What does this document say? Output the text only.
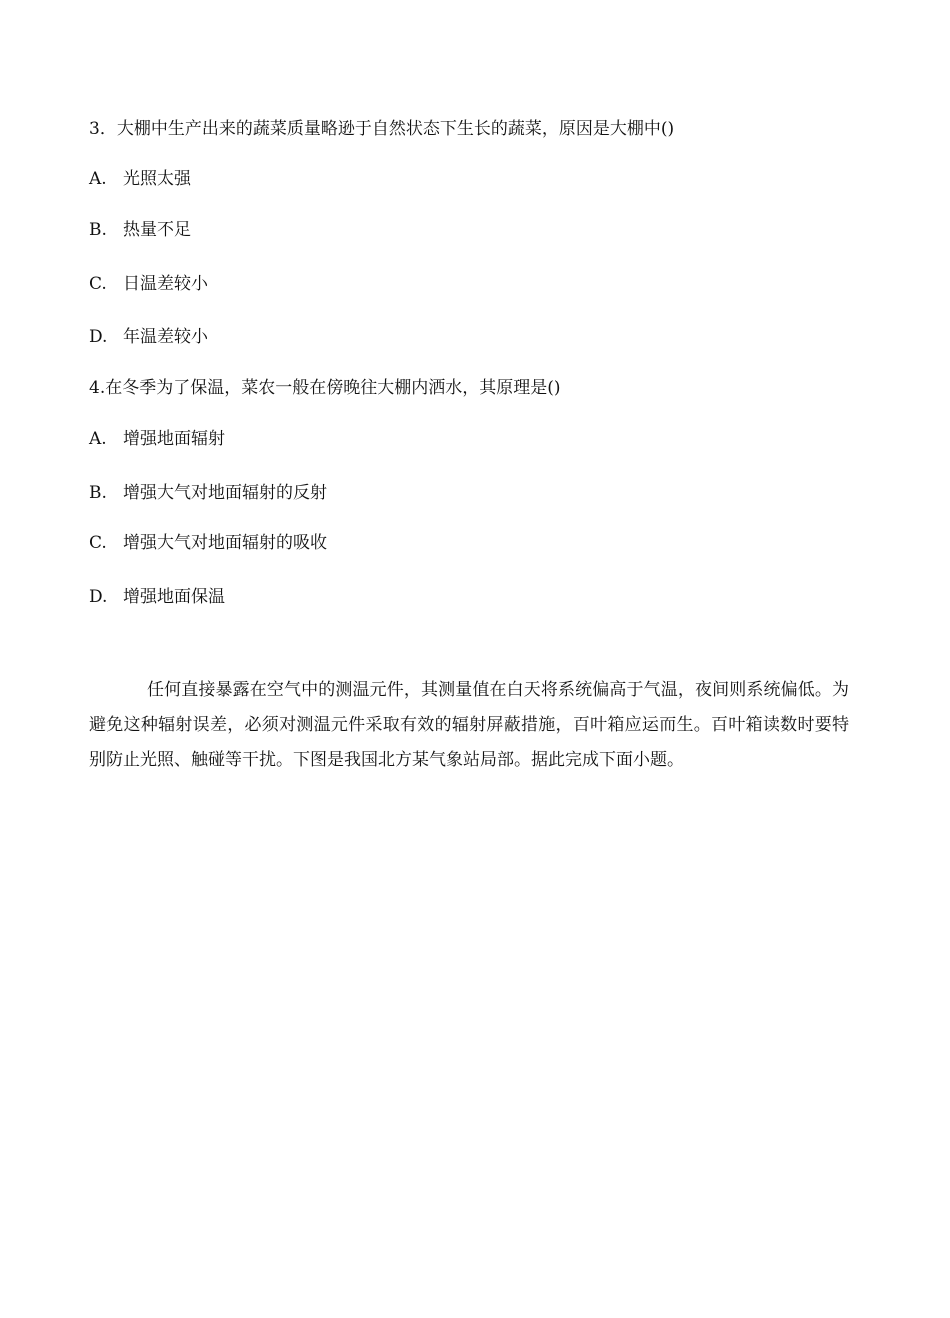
3．大棚中生产出来的蔬菜质量略逊于自然状态下生长的蔬菜，原因是大棚中()
A. 光照太强
B. 热量不足
C. 日温差较小
D. 年温差较小
4.在冬季为了保温，菜农一般在傍晚往大棚内洒水，其原理是()
A. 增强地面辐射
B. 增强大气对地面辐射的反射
C. 增强大气对地面辐射的吸收
D. 增强地面保温
任何直接暴露在空气中的测温元件，其测量值在白天将系统偏高于气温，夜间则系统偏低。为避免这种辐射误差，必须对测温元件采取有效的辐射屏蔽措施，百叶箱应运而生。百叶箱读数时要特别防止光照、触碰等干扰。下图是我国北方某气象站局部。据此完成下面小题。
